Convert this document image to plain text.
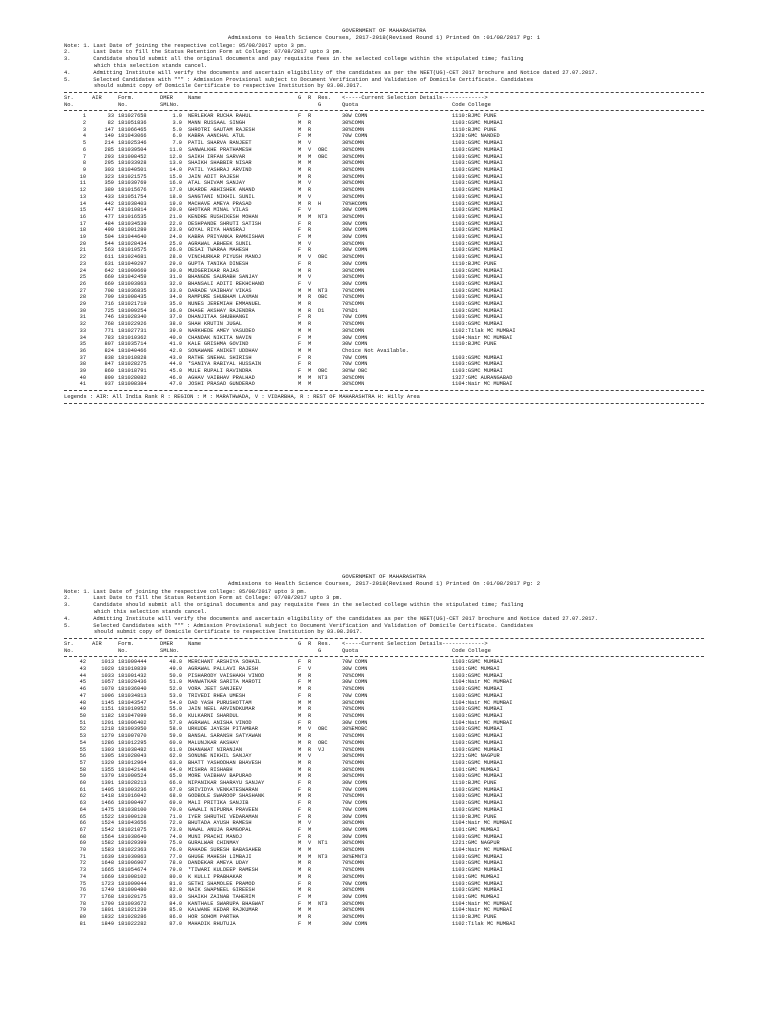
GOVERNMENT OF MAHARASHTRA
Admissions to Health Science Courses, 2017-2018(Revised Round 1) Printed On :01/08/2017 Pg: 1
Note: 1. Last Date of joining the respective college: 05/08/2017 upto 3 pm.
2.	Last Date to fill the Status Retention Form at College: 07/08/2017 upto 3 pm.
3.	Candidate should submit all the original documents and pay requisite fees in the selected college within the stipulated time; failing
which this selection stands cancel.
4.	Admitting Institute will verify the documents and ascertain eligibility of the candidates as per the NEET(UG)-CET 2017 brochure and Notice dated 27.07.2017.
5.	Selected Candidates with "*" : Admission Provisional subject to Document Verification and Validation of Domicile Certificate. Candidates
should submit copy of Domicile Certificate to respective Institution by 03.08.2017.
Sr.
No.
AIR	Form.
No.
DMER
SMLNo.
Name	G	R	Res.
G
<-----Current Selection Details------------->
Quota	Code College
1	33 181027658	1.0	NERLEKAR RUCHA RAHUL	F	R	30W COMN	1110:BJMC PUNE
2	82 181051836	3.0	MANN RUSSAAL SINGH	M	R	30%COMN	1103:GSMC MUMBAI
3	147 181066465	5.0	SHROTRI GAUTAM RAJESH	M	R	30%COMN	1110:BJMC PUNE
4	149 181043066	6.0	KABRA AANCHAL ATUL	F	M	70W COMN	1328:GMC NANDED
5	214 181025346	7.0	PATIL SHARVA RANJEET	M	V	30%COMN	1103:GSMC MUMBAI
6	285 181039504	11.0	SANWALKHE PRATHAMESH	M	V	OBC	30%COMN	1103:GSMC MUMBAI
7	293 181008452	12.0	SAIKH IRFAN SARVAR	M	M	OBC	30%COMN	1103:GSMC MUMBAI
8	295 181033928	13.0	SHAIKH SHABBIR NISAR	M	M	30%COMN	1103:GSMC MUMBAI
9	303 181040501	14.0	PATIL YASHRAJ ARVIND	M	R	30%COMN	1103:GSMC MUMBAI
10	323 181021575	15.0	JAIN ADIT RAJESH	M	R	30%COMN	1103:GSMC MUMBAI
11	359 181039769	16.0	ATAL SHIVAM SANJAY	M	V	30%COMN	1103:GSMC MUMBAI
12	380 181015676	17.0	UKARDE ABHISHEK ANAND	M	R	30%COMN	1103:GSMC MUMBAI
13	433 181051754	18.0	SANGTANI NIKHIL SUNIL	M	V	30%COMN	1103:GSMC MUMBAI
14	442 181038403	19.0	MACHAVE AMEYA PRASAD	M	R	H	70%HCOMN	1103:GSMC MUMBAI
15	447 181010814	20.0	GHOTKAR MINAL VILAS	F	V	30W COMN	1103:GSMC MUMBAI
16	477 181016535	21.0	KENDRE RUSHIKESH MOHAN	M	M	NT3	30%COMN	1103:GSMC MUMBAI
17	484 181034539	22.0	DESHPANDE SHRUTI SATISH	F	R	30W COMN	1103:GSMC MUMBAI
18	490 181001289	23.0	GOYAL RIYA HANSRAJ	F	R	30W COMN	1103:GSMC MUMBAI
19	504 181044640	24.0	KABRA PRIYANKA RAMKISHAN	F	M	30W COMN	1103:GSMC MUMBAI
20	544 181028434	25.0	AGRAWAL ABHEEK SUNIL	M	V	30%COMN	1103:GSMC MUMBAI
21	563 181010575	26.0	DESAI TWARAA MAHESH	F	R	30W COMN	1103:GSMC MUMBAI
22	611 181024681	28.0	VINCHURKAR PIYUSH MANOJ	M	V	OBC	30%COMN	1103:GSMC MUMBAI
23	631 181049297	29.0	GUPTA TANIKA DINESH	F	R	30W COMN	1110:BJMC PUNE
24	642 181009669	30.0	MUDGERIKAR RAJAS	M	R	30%COMN	1103:GSMC MUMBAI
25	660 181042459	31.0	BHANGDE SAURABH SANJAY	M	V	30%COMN	1103:GSMC MUMBAI
26	669 181003863	32.0	BHANSALI ADITI REKHCHAND	F	V	30W COMN	1103:GSMC MUMBAI
27	708 181036835	33.0	DARADE VAIBHAV VIKAS	M	M	NT3	70%COMN	1103:GSMC MUMBAI
28	709 181008435	34.0	RAMPURE SHUBHAM LAXMAN	M	R	OBC	70%COMN	1103:GSMC MUMBAI
29	716 181021719	35.0	NUNES JEREMIAH EMMANUEL	M	R	70%COMN	1103:GSMC MUMBAI
30	725 181009254	36.0	DHAGE AKSHAY RAJENDRA	M	R	D1	70%D1	1103:GSMC MUMBAI
31	746 181028340	37.0	DHANJITAA SHUBHANGI	F	R	70W COMN	1103:GSMC MUMBAI
32	768 181022926	38.0	SHAH KRUTIN JUGAL	M	R	70%COMN	1103:GSMC MUMBAI
33	771 181027731	39.0	NARKHEDE AMEY VASUDEO	M	M	30%COMN	1102:Tilak MC MUMBAI
34	783 181010362	40.0	CHANDAK NIKITA NAVIN	F	M	30W COMN	1104:Nair MC MUMBAI
35	807 181035714	41.0	KALE GRISHMA GOVIND	F	M	30W COMN	1110:BJMC PUNE
36	824 181040466	42.0	SONAWANE ANIKET UDDHAV	M	M	Choice Not Available.
37	838 181018828	43.0	RATHE SNEHAL SHIRISH	F	R	70W COMN	1103:GSMC MUMBAI
38	847 181028275	44.0	*SANIYA RABIYAL HUSSAIN	F	R	70W COMN	1103:GSMC MUMBAI
39	860 181018791	45.0	MULE RUPALI RAVINDRA	F	M	OBC	30%W OBC	1103:GSMC MUMBAI
40	890 181028082	46.0	AGHAV VAIBHAV PRALHAD	M	M	NT3	30%COMN	1327:GMC AURANGABAD
41	937 181008384	47.0	JOSHI PRASAD GUNDERAO	M	M	30%COMN	1104:Nair MC MUMBAI
Legends : AIR: All India Rank R : REGION : M : MARATHWADA, V : VIDARBHA, R : REST OF MAHARASHTRA H: Hilly Area
GOVERNMENT OF MAHARASHTRA
Admissions to Health Science Courses, 2017-2018(Revised Round 1) Printed On :01/08/2017 Pg: 2
Note: 1. Last Date of joining the respective college: 05/08/2017 upto 3 pm.
2.	Last Date to fill the Status Retention Form at College: 07/08/2017 upto 3 pm.
3.	Candidate should submit all the original documents and pay requisite fees in the selected college within the stipulated time; failing
which this selection stands cancel.
4.	Admitting Institute will verify the documents and ascertain eligibility of the candidates as per the NEET(UG)-CET 2017 brochure and Notice dated 27.07.2017.
5.	Selected Candidates with "*" : Admission Provisional subject to Document Verification and Validation of Domicile Certificate. Candidates
should submit copy of Domicile Certificate to respective Institution by 03.08.2017.
Sr.
No.
AIR	Form.
No.
DMER
SMLNo.
Name	G	R	Res.
G
<-----Current Selection Details------------->
Quota	Code College
42	1013 181009444	48.0	MERCHANT ARSHIYA SOHAIL	F	R	70W COMN	1103:GSMC MUMBAI
43	1020 181010839	49.0	AGRAWAL PALLAVI RAJESH	F	V	30W COMN	1101:GMC MUMBAI
44	1033 181001432	50.0	PISHARODY VAISHAKH VINOD	M	R	70%COMN	1103:GSMC MUMBAI
45	1057 181029436	51.0	MANWATKAR SARITA MAROTI	F	M	30W COMN	1104:Nair MC MUMBAI
46	1070 181036040	52.0	VORA JEET SANJEEV	M	R	70%COMN	1103:GSMC MUMBAI
47	1096 181034813	53.0	TRIVEDI RHEA UMESH	F	R	70W COMN	1103:GSMC MUMBAI
48	1145 181043547	54.0	DAD YASH PURUSHOTTAM	M	M	30%COMN	1104:Nair MC MUMBAI
49	1151 181010952	55.0	JAIN NEEL ARVINDKUMAR	M	R	70%COMN	1103:GSMC MUMBAI
50	1182 181047099	56.0	KULKARNI SHARDUL	M	R	70%COMN	1103:GSMC MUMBAI
51	1201 181006402	57.0	AGRAWAL ANISHA VINOD	F	R	30W COMN	1104:Nair MC MUMBAI
52	1218 181003950	58.0	URKUDE JAYESH PITAMBAR	M	V	OBC	30%EMOBC	1103:GSMC MUMBAI
53	1279 181007070	59.0	BANSAL SARANSH SATYAWAN	M	R	70%COMN	1103:GSMC MUMBAI
54	1286 181012295	60.0	MALUNJKAR AKSHAY	M	R	OBC	70%COMN	1103:GSMC MUMBAI
55	1303 181038482	61.0	DHANAWAT NIRANJAN	M	R	VJ	70%COMN	1103:GSMC MUMBAI
56	1305 181028043	62.0	SONUNE NIKHIL SANJAY	M	V	30%COMN	1221:GMC NAGPUR
57	1320 181012964	63.0	BHATT YASHODHAN BHAVESH	M	R	70%COMN	1103:GSMC MUMBAI
58	1355 181042148	64.0	MISHRA RISHABH	M	R	30%COMN	1101:GMC MUMBAI
59	1379 181000524	65.0	MORE VAIBHAV BAPURAO	M	R	30%COMN	1103:GSMC MUMBAI
60	1391 181028213	66.0	NIPANIKAR SHARAYU SANJAY	F	R	30W COMN	1110:BJMC PUNE
61	1405 181003236	67.0	SRIVIDYA VENKATESWARAN	F	R	70W COMN	1103:GSMC MUMBAI
62	1418 181016042	68.0	GODBOLE SWAROOP SHASHANK	M	R	70%COMN	1103:GSMC MUMBAI
63	1466 181000497	69.0	MALI PRITIKA SANJIB	F	R	70W COMN	1103:GSMC MUMBAI
64	1475 181038100	70.0	GAWALI NIPURNA PRAVEEN	F	R	70W COMN	1103:GSMC MUMBAI
65	1522 181000128	71.0	IYER SHRUTHI VEDARAMAN	F	R	30W COMN	1110:BJMC PUNE
66	1524 181043656	72.0	BHUTADA AYUSH RAMESH	M	V	30%COMN	1104:Nair MC MUMBAI
67	1542 181021075	73.0	NAWAL ANUJA RAMGOPAL	F	M	30W COMN	1101:GMC MUMBAI
68	1564 181038640	74.0	MUNI PRACHI MANOJ	F	R	30W COMN	1103:GSMC MUMBAI
69	1582 181029399	75.0	GURALWAR CHINMAY	M	V	NT1	30%COMN	1221:GMC NAGPUR
70	1583 181022363	76.0	RAHADE SURESH BABASAHEB	M	M	30%COMN	1104:Nair MC MUMBAI
71	1639 181030863	77.0	GHUGE MAHESH LIMBAJI	M	M	NT3	30%EMNT3	1103:GSMC MUMBAI
72	1648 181006907	78.0	DANDEKAR AMEYA UDAY	M	R	70%COMN	1103:GSMC MUMBAI
73	1665 181054674	79.0	*TIWARI KULDEEP RAMESH	M	R	70%COMN	1103:GSMC MUMBAI
74	1669 181008102	80.0	K KULLI PRABHAKAR	M	R	30%COMN	1101:GMC MUMBAI
75	1723 181009044	81.0	SETHI SHAMOLEE PRAMOD	F	R	70W COMN	1103:GSMC MUMBAI
76	1749 181000480	82.0	NAIK SWAPNEEL GIREESH	M	R	30%COMN	1103:GSMC MUMBAI
77	1768 181020175	83.0	SHAIKH ZAINAB TAHERIM	F	M	30W COMN	1101:GMC MUMBAI
78	1790 181003672	84.0	KANTHALE SWARUPA BHAGWAT	F	M	NT3	30%COMN	1104:Nair MC MUMBAI
79	1801 181021239	85.0	KALWANE KEDAR RAJKUMAR	M	M	30%COMN	1104:Nair MC MUMBAI
80	1832 181028286	86.0	HOR SOHOM PARTHA	M	R	30%COMN	1110:BJMC PUNE
81	1849 181022282	87.0	MAHADIK RHUTUJA	F	M	30W COMN	1102:Tilak MC MUMBAI
